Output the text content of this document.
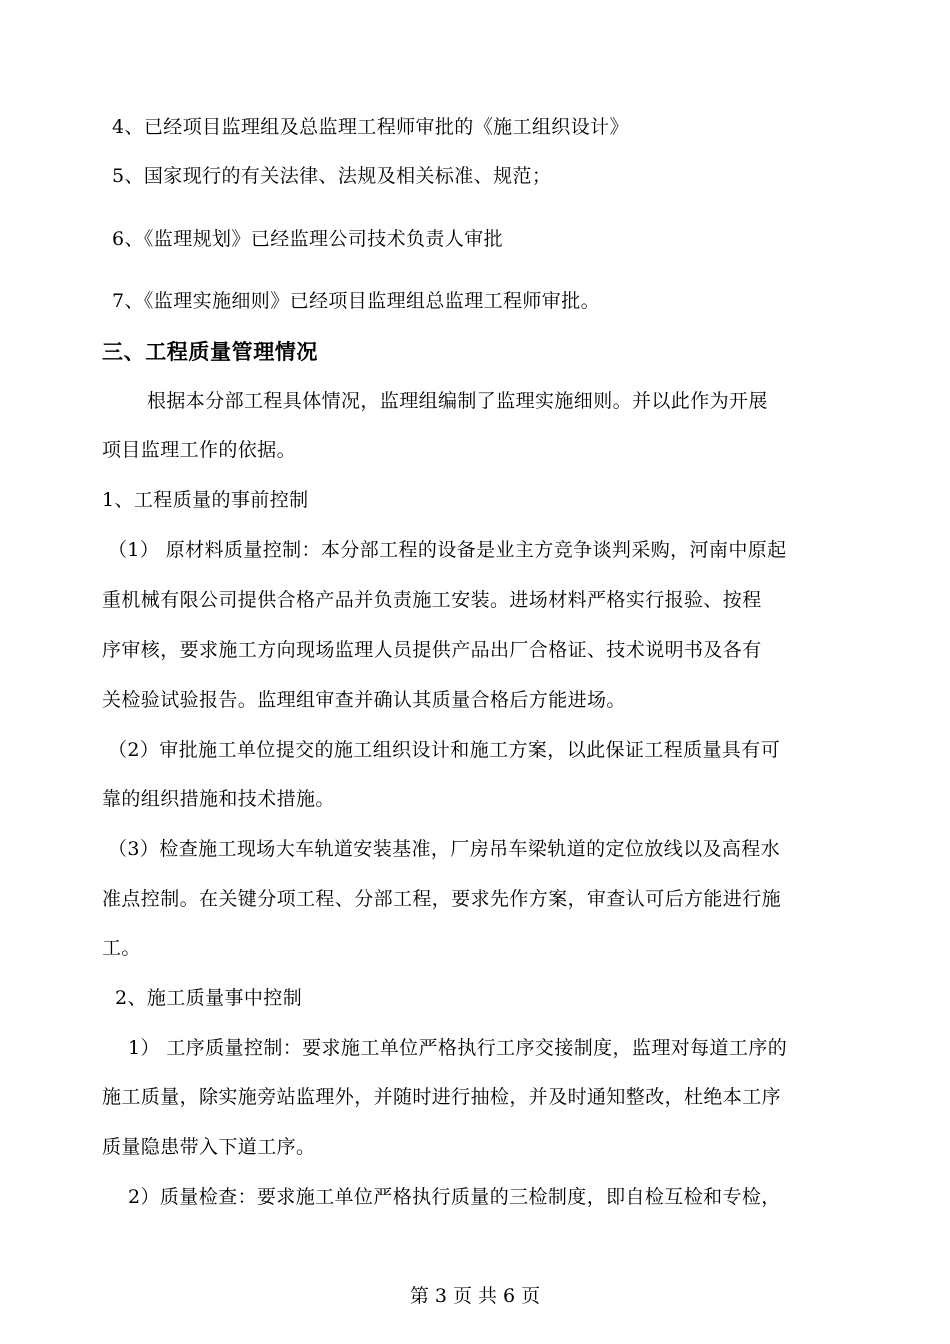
4、已经项目监理组及总监理工程师审批的《施工组织设计》
5、国家现行的有关法律、法规及相关标准、规范；
6、《监理规划》已经监理公司技术负责人审批
7、《监理实施细则》已经项目监理组总监理工程师审批。
三、工程质量管理情况
根据本分部工程具体情况，监理组编制了监理实施细则。并以此作为开展
项目监理工作的依据。
1、工程质量的事前控制
（1） 原材料质量控制：本分部工程的设备是业主方竞争谈判采购，河南中原起
重机械有限公司提供合格产品并负责施工安装。进场材料严格实行报验、按程
序审核，要求施工方向现场监理人员提供产品出厂合格证、技术说明书及各有
关检验试验报告。监理组审查并确认其质量合格后方能进场。
（2）审批施工单位提交的施工组织设计和施工方案，以此保证工程质量具有可
靠的组织措施和技术措施。
（3）检查施工现场大车轨道安装基准，厂房吊车梁轨道的定位放线以及高程水
准点控制。在关键分项工程、分部工程，要求先作方案，审查认可后方能进行施
工。
2、施工质量事中控制
1） 工序质量控制：要求施工单位严格执行工序交接制度，监理对每道工序的
施工质量，除实施旁站监理外，并随时进行抽检，并及时通知整改，杜绝本工序
质量隐患带入下道工序。
2）质量检查：要求施工单位严格执行质量的三检制度，即自检互检和专检，
第 3 页 共 6 页
